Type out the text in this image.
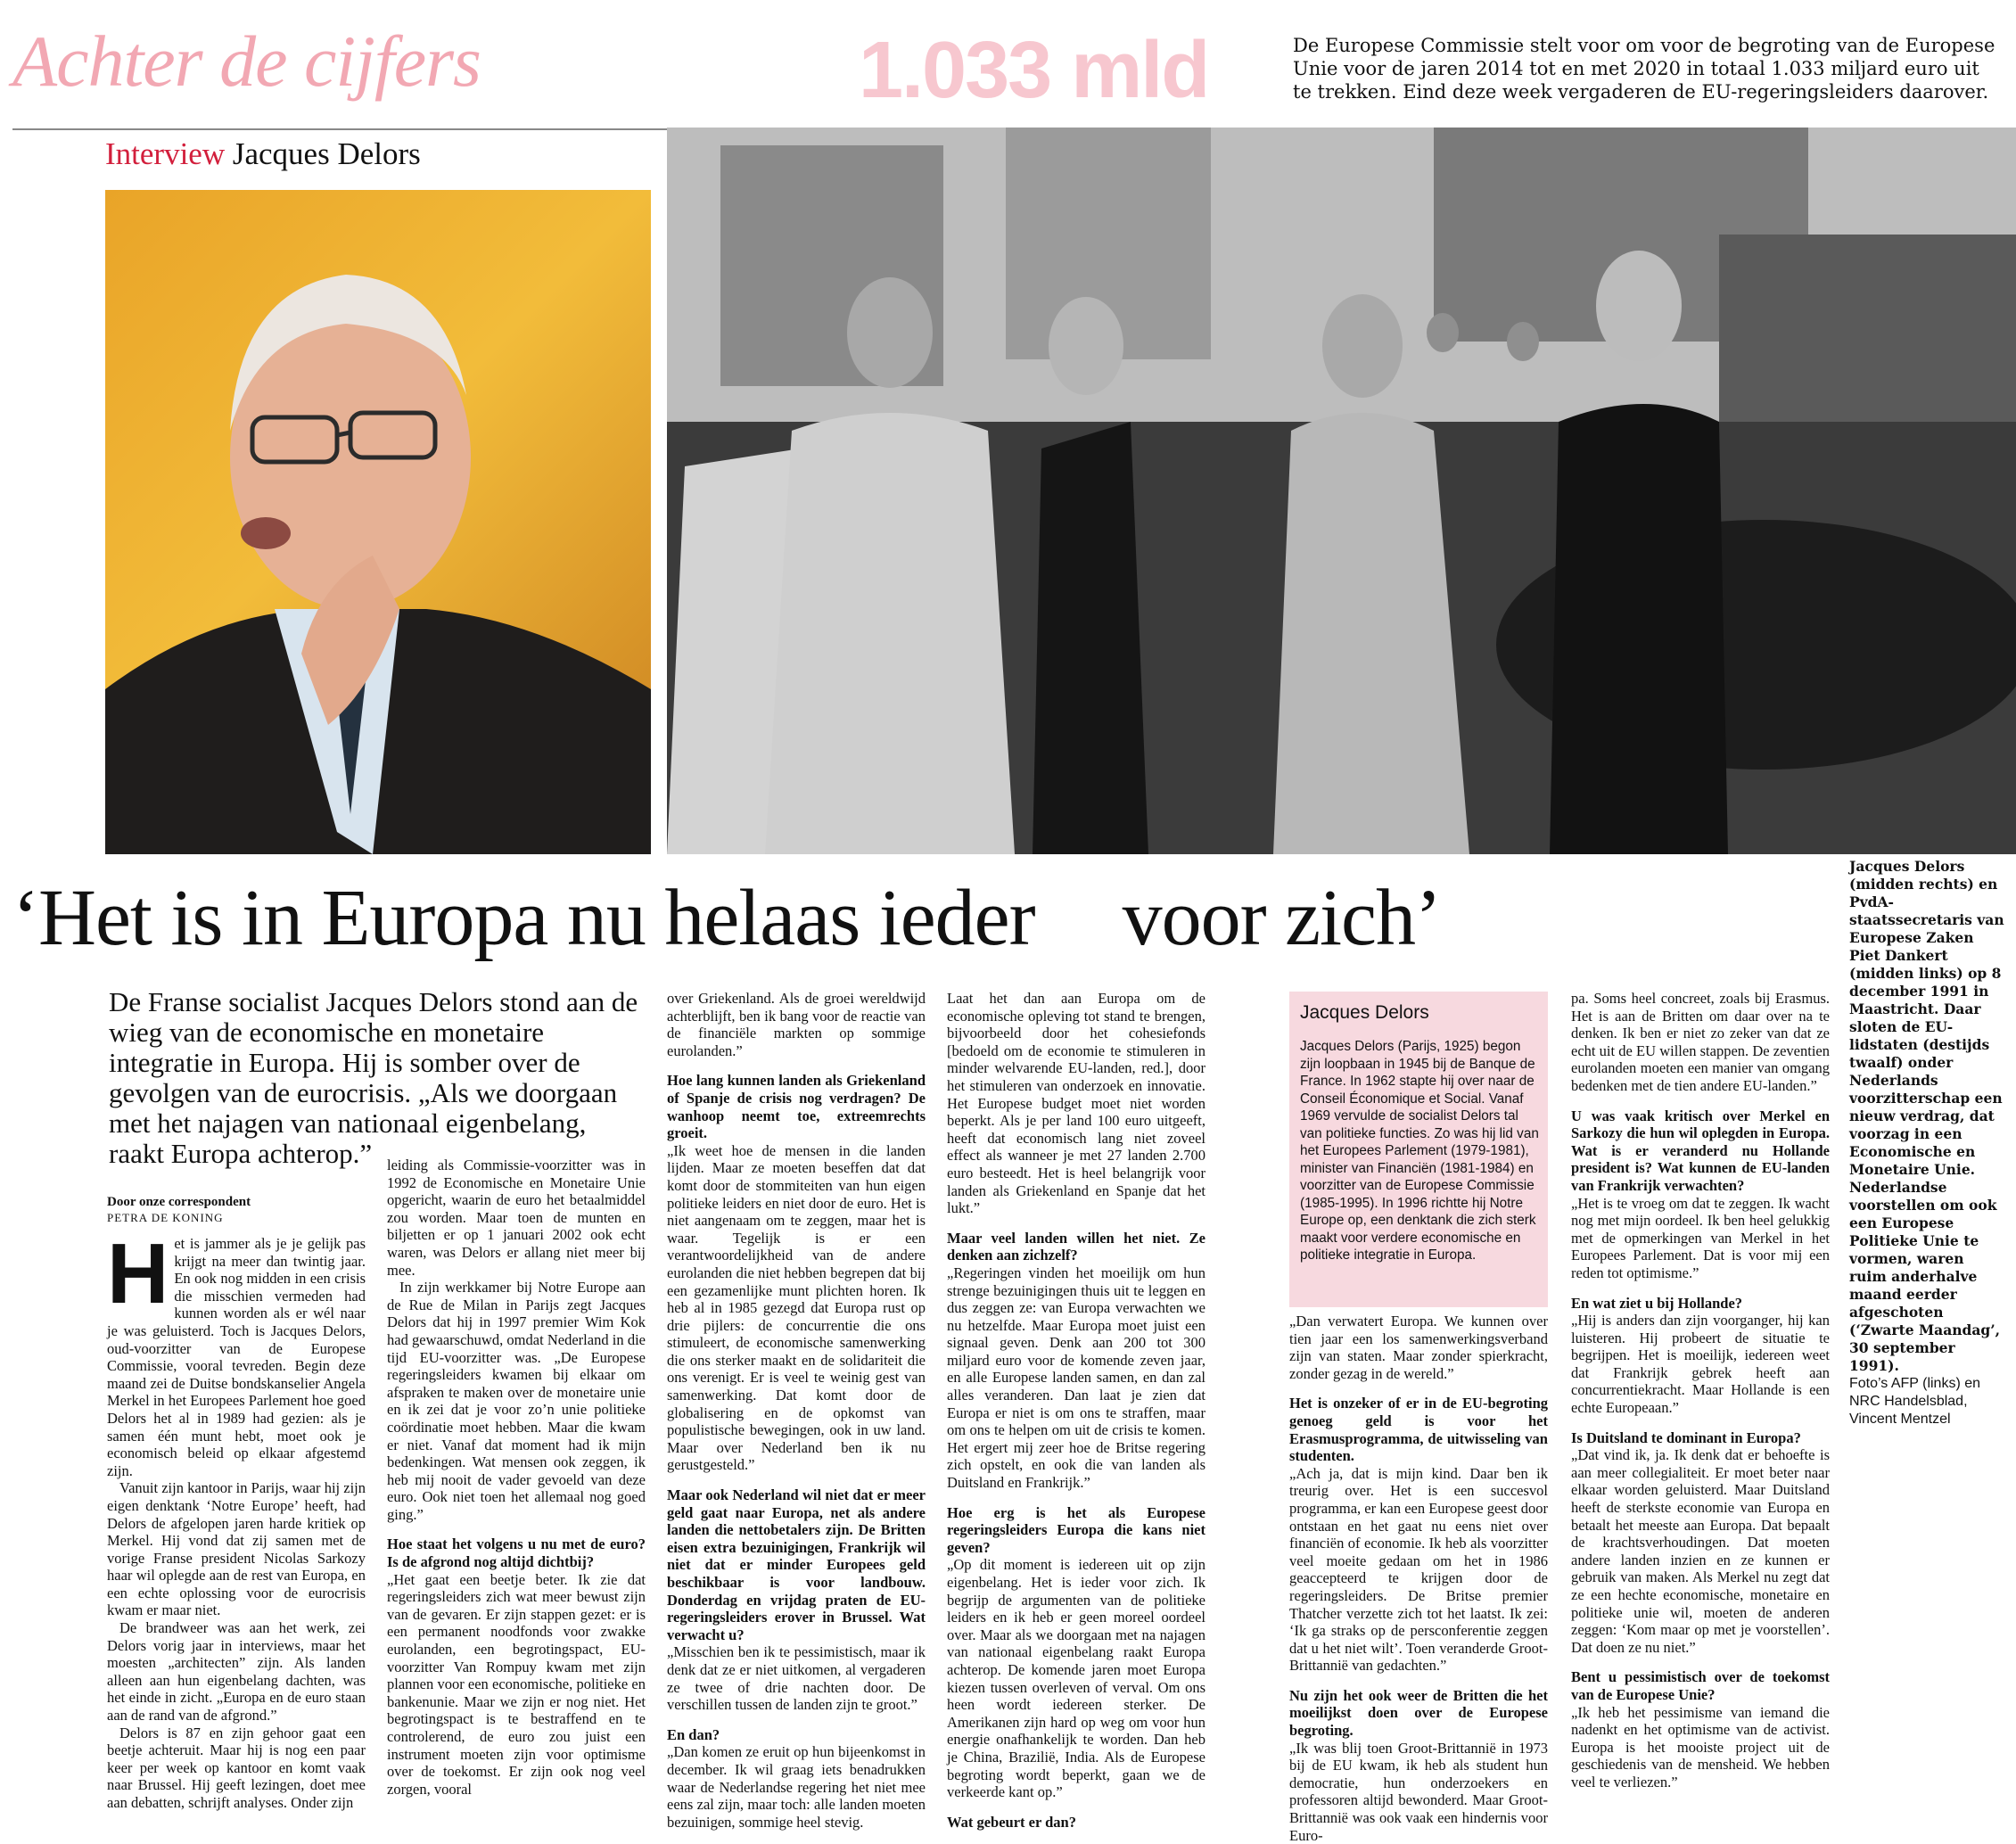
Achter de cijfers	1.033 mld	De Europese Commissie stelt voor om voor de begroting van de Europese Unie voor de jaren 2014 tot en met 2020 in totaal 1.033 miljard euro uit te trekken. Eind deze week vergaderen de EU-regeringsleiders daarover.
Interview Jacques Delors
‘Het is in Europa nu helaas ieder voor zich’
Jacques Delors (midden rechts) en PvdA-staatssecretaris van Europese Zaken Piet Dankert (midden links) op 8 december 1991 in Maastricht. Daar sloten de EU-lidstaten (destijds twaalf) onder Nederlands voorzitterschap een nieuw verdrag, dat voorzag in een Economische en Monetaire Unie. Nederlandse voorstellen om ook een Europese Politieke Unie te vormen, waren ruim anderhalve maand eerder afgeschoten (‘Zwarte Maandag’, 30 september 1991).
Foto’s AFP (links) en NRC Handelsblad, Vincent Mentzel
De Franse socialist Jacques Delors stond aan de wieg van de economische en monetaire integratie in Europa. Hij is somber over de gevolgen van de eurocrisis. „Als we doorgaan met het najagen van nationaal eigenbelang, raakt Europa achterop.”
Door onze correspondent
PETRA DE KONING

Het is jammer als je je gelijk pas krijgt na meer dan twintig jaar. En ook nog midden in een crisis die misschien vermeden had kunnen worden als er wél naar je was geluisterd. Toch is Jacques Delors, oud-voorzitter van de Europese Commissie, vooral tevreden. Begin deze maand zei de Duitse bondskanselier Angela Merkel in het Europees Parlement hoe goed Delors het al in 1989 had gezien: als je samen één munt hebt, moet ook je economisch beleid op elkaar afgestemd zijn.

Vanuit zijn kantoor in Parijs, waar hij zijn eigen denktank ‘Notre Europe’ heeft, had Delors de afgelopen jaren harde kritiek op Merkel. Hij vond dat zij samen met de vorige Franse president Nicolas Sarkozy haar wil oplegde aan de rest van Europa, en een echte oplossing voor de eurocrisis kwam er maar niet.

De brandweer was aan het werk, zei Delors vorig jaar in interviews, maar het moesten „architecten” zijn. Als landen alleen aan hun eigenbelang dachten, was het einde in zicht. „Europa en de euro staan aan de rand van de afgrond.”

Delors is 87 en zijn gehoor gaat een beetje achteruit. Maar hij is nog een paar keer per week op kantoor en komt vaak naar Brussel. Hij geeft lezingen, doet mee aan debatten, schrijft analyses. Onder zijn

leiding als Commissie-voorzitter was in 1992 de Economische en Monetaire Unie opgericht, waarin de euro het betaalmiddel zou worden. Maar toen de munten en biljetten er op 1 januari 2002 ook echt waren, was Delors er allang niet meer bij mee.

In zijn werkkamer bij Notre Europe aan de Rue de Milan in Parijs zegt Jacques Delors dat hij in 1997 premier Wim Kok had gewaarschuwd, omdat Nederland in die tijd EU-voorzitter was. „De Europese regeringsleiders kwamen bij elkaar om afspraken te maken over de monetaire unie en ik zei dat je voor zo’n unie politieke coördinatie moet hebben. Maar die kwam er niet. Vanaf dat moment had ik mijn bedenkingen. Wat mensen ook zeggen, ik heb mij nooit de vader gevoeld van deze euro. Ook niet toen het allemaal nog goed ging.”

Hoe staat het volgens u nu met de euro? Is de afgrond nog altijd dichtbij?

„Het gaat een beetje beter. Ik zie dat regeringsleiders zich wat meer bewust zijn van de gevaren. Er zijn stappen gezet: er is een permanent noodfonds voor zwakke eurolanden, een begrotingspact, EU-voorzitter Van Rompuy kwam met zijn plannen voor een economische, politieke en bankenunie. Maar we zijn er nog niet. Het begrotingspact is te bestraffend en te controlerend, de euro zou juist een instrument moeten zijn voor optimisme over de toekomst. Er zijn ook nog veel zorgen, vooral

over Griekenland. Als de groei wereldwijd achterblijft, ben ik bang voor de reactie van de financiële markten op sommige eurolanden.”

Hoe lang kunnen landen als Griekenland of Spanje de crisis nog verdragen? De wanhoop neemt toe, extreemrechts groeit.

„Ik weet hoe de mensen in die landen lijden. Maar ze moeten beseffen dat dat komt door de stommiteiten van hun eigen politieke leiders en niet door de euro. Het is niet aangenaam om te zeggen, maar het is waar. Tegelijk is er een verantwoordelijkheid van de andere eurolanden die niet hebben begrepen dat bij een gezamenlijke munt plichten horen. Ik heb al in 1985 gezegd dat Europa rust op drie pijlers: de concurrentie die ons stimuleert, de economische samenwerking die ons sterker maakt en de solidariteit die ons verenigt. Er is veel te weinig gest van samenwerking. Dat komt door de globalisering en de opkomst van populistische bewegingen, ook in uw land. Maar over Nederland ben ik nu gerustgesteld.”

Maar ook Nederland wil niet dat er meer geld gaat naar Europa, net als andere landen die nettobetalers zijn. De Britten eisen extra bezuinigingen, Frankrijk wil niet dat er minder Europees geld beschikbaar is voor landbouw. Donderdag en vrijdag praten de EU-regeringsleiders erover in Brussel. Wat verwacht u?

„Misschien ben ik te pessimistisch, maar ik denk dat ze er niet uitkomen, al vergaderen ze twee of drie nachten door. De verschillen tussen de landen zijn te groot.”

En dan?

„Dan komen ze eruit op hun bijeenkomst in december. Ik wil graag iets benadrukken waar de Nederlandse regering het niet mee eens zal zijn, maar toch: alle landen moeten bezuinigen, sommige heel stevig.

Laat het dan aan Europa om de economische opleving tot stand te brengen, bijvoorbeeld door het cohesiefonds [bedoeld om de economie te stimuleren in minder welvarende EU-landen, red.], door het stimuleren van onderzoek en innovatie. Het Europese budget moet niet worden beperkt. Als je per land 100 euro uitgeeft, heeft dat economisch lang niet zoveel effect als wanneer je met 27 landen 2.700 euro besteedt. Het is heel belangrijk voor landen als Griekenland en Spanje dat het lukt.”

Maar veel landen willen het niet. Ze denken aan zichzelf?

„Regeringen vinden het moeilijk om hun strenge bezuinigingen thuis uit te leggen en dus zeggen ze: van Europa verwachten we nu hetzelfde. Maar Europa moet juist een signaal geven. Denk aan 200 tot 300 miljard euro voor de komende zeven jaar, en alle Europese landen samen, en dan zal alles veranderen. Dan laat je zien dat Europa er niet is om ons te straffen, maar om ons te helpen om uit de crisis te komen. Het ergert mij zeer hoe de Britse regering zich opstelt, en ook die van landen als Duitsland en Frankrijk.”

Hoe erg is het als Europese regeringsleiders Europa die kans niet geven?

„Op dit moment is iedereen uit op zijn eigenbelang. Het is ieder voor zich. Ik begrijp de argumenten van de politieke leiders en ik heb er geen moreel oordeel over. Maar als we doorgaan met na najagen van nationaal eigenbelang raakt Europa achterop. De komende jaren moet Europa kiezen tussen overleven of verval. Om ons heen wordt iedereen sterker. De Amerikanen zijn hard op weg om voor hun energie onafhankelijk te worden. Dan heb je China, Brazilië, India. Als de Europese begroting wordt beperkt, gaan we de verkeerde kant op.”

Wat gebeurt er dan?

Jacques Delors
Jacques Delors (Parijs, 1925) begon zijn loopbaan in 1945 bij de Banque de France. In 1962 stapte hij over naar de Conseil Économique et Social. Vanaf 1969 vervulde de socialist Delors tal van politieke functies. Zo was hij lid van het Europees Parlement (1979-1981), minister van Financiën (1981-1984) en voorzitter van de Europese Commissie (1985-1995). In 1996 richtte hij Notre Europe op, een denktank die zich sterk maakt voor verdere economische en politieke integratie in Europa.

„Dan verwatert Europa. We kunnen over tien jaar een los samenwerkingsverband zijn van staten. Maar zonder spierkracht, zonder gezag in de wereld.”

Het is onzeker of er in de EU-begroting genoeg geld is voor het Erasmusprogramma, de uitwisseling van studenten.

„Ach ja, dat is mijn kind. Daar ben ik treurig over. Het is een succesvol programma, er kan een Europese geest door ontstaan en het gaat nu eens niet over financiën of economie. Ik heb als voorzitter veel moeite gedaan om het in 1986 geaccepteerd te krijgen door de regeringsleiders. De Britse premier Thatcher verzette zich tot het laatst. Ik zei: ‘Ik ga straks op de persconferentie zeggen dat u het niet wilt’. Toen veranderde Groot-Brittannië van gedachten.”

Nu zijn het ook weer de Britten die het moeilijkst doen over de Europese begroting.

„Ik was blij toen Groot-Brittannië in 1973 bij de EU kwam, ik heb als student hun democratie, hun onderzoekers en professoren altijd bewonderd. Maar Groot-Brittannië was ook vaak een hindernis voor Euro-

pa. Soms heel concreet, zoals bij Erasmus. Het is aan de Britten om daar over na te denken. Ik ben er niet zo zeker van dat ze echt uit de EU willen stappen. De zeventien eurolanden moeten een manier van omgang bedenken met de tien andere EU-landen.”

U was vaak kritisch over Merkel en Sarkozy die hun wil oplegden in Europa. Wat is er veranderd nu Hollande president is? Wat kunnen de EU-landen van Frankrijk verwachten?

„Het is te vroeg om dat te zeggen. Ik wacht nog met mijn oordeel. Ik ben heel gelukkig met de opmerkingen van Merkel in het Europees Parlement. Dat is voor mij een reden tot optimisme.”

En wat ziet u bij Hollande?

„Hij is anders dan zijn voorganger, hij kan luisteren. Hij probeert de situatie te begrijpen. Het is moeilijk, iedereen weet dat Frankrijk gebrek heeft aan concurrentiekracht. Maar Hollande is een echte Europeaan.”

Is Duitsland te dominant in Europa?

„Dat vind ik, ja. Ik denk dat er behoefte is aan meer collegialiteit. Er moet beter naar elkaar worden geluisterd. Maar Duitsland heeft de sterkste economie van Europa en betaalt het meeste aan Europa. Dat bepaalt de krachtsverhoudingen. Dat moeten andere landen inzien en ze kunnen er gebruik van maken. Als Merkel nu zegt dat ze een hechte economische, monetaire en politieke unie wil, moeten de anderen zeggen: ‘Kom maar op met je voorstellen’. Dat doen ze nu niet.”

Bent u pessimistisch over de toekomst van de Europese Unie?

„Ik heb het pessimisme van iemand die nadenkt en het optimisme van de activist. Europa is het mooiste project uit de geschiedenis van de mensheid. We hebben veel te verliezen.”
